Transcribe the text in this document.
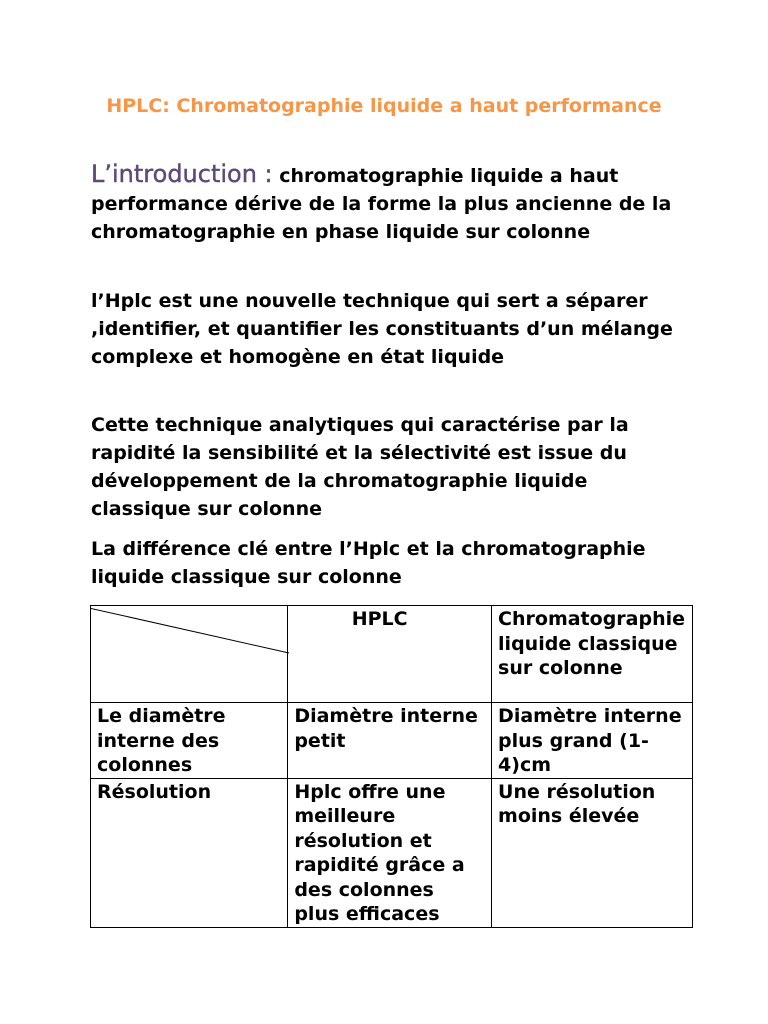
HPLC: Chromatographie liquide a haut performance

L’introduction : chromatographie liquide a haut performance dérive de la forme la plus ancienne de la chromatographie en phase liquide sur colonne

l’Hplc est une nouvelle technique qui sert a séparer ,identifier, et quantifier les constituants d’un mélange complexe et homogène en état liquide

Cette technique analytiques qui caractérise par la rapidité la sensibilité et la sélectivité est issue du développement de la chromatographie liquide classique sur colonne

La différence clé entre l’Hplc et la chromatographie liquide classique sur colonne

	HPLC	Chromatographie liquide classique sur colonne
Le diamètre interne des colonnes	Diamètre interne petit	Diamètre interne plus grand (1-4)cm
Résolution	Hplc offre une meilleure résolution et rapidité grâce a des colonnes plus efficaces	Une résolution moins élevée
